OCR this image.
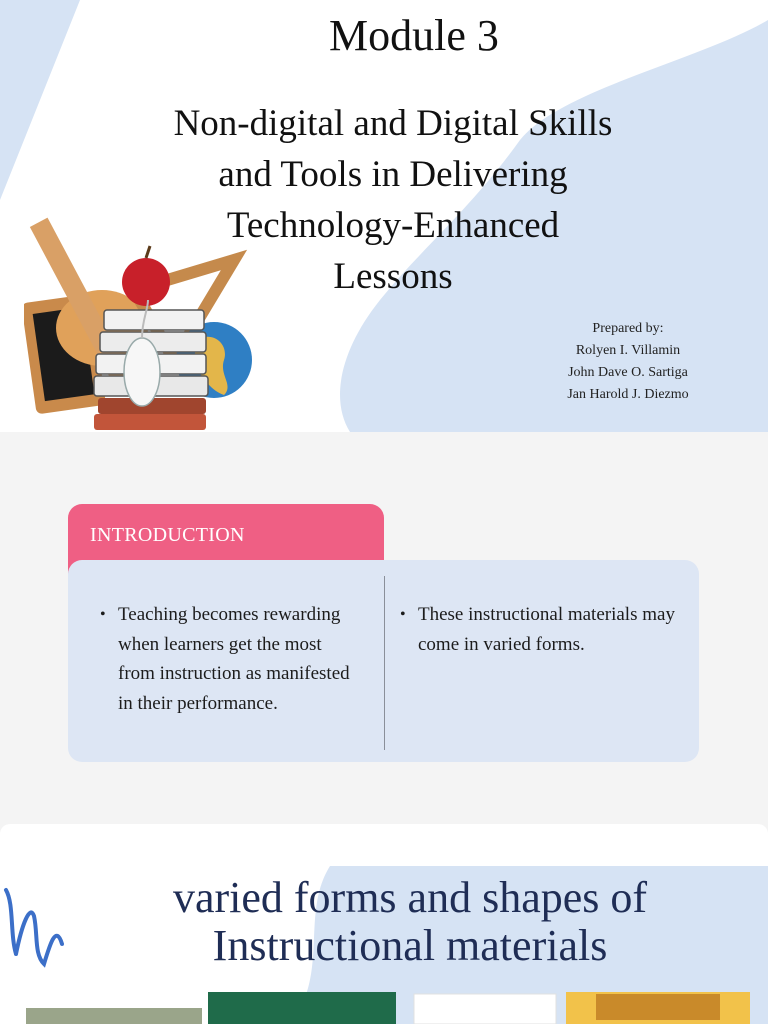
Module 3
Non-digital and Digital Skills
and Tools in Delivering
Technology-Enhanced
Lessons
Prepared by:
Rolyen I. Villamin
John Dave O. Sartiga
Jan Harold J. Diezmo
INTRODUCTION
• Teaching becomes rewarding when learners get the most from instruction as manifested in their performance.
• These instructional materials may come in varied forms.
varied forms and shapes of
Instructional materials
